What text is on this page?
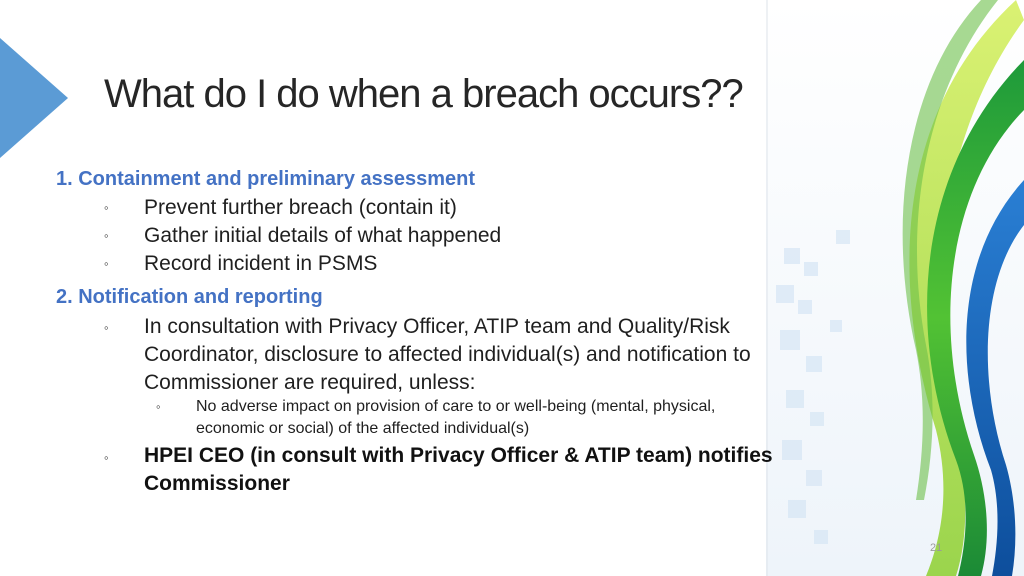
What do I do when a breach occurs??
1. Containment and preliminary assessment
◦ Prevent further breach (contain it)
◦ Gather initial details of what happened
◦ Record incident in PSMS
2. Notification and reporting
◦ In consultation with Privacy Officer, ATIP team and Quality/Risk
Coordinator, disclosure to affected individual(s) and notification to
Commissioner are required, unless:
◦ No adverse impact on provision of care to or well-being (mental, physical,
economic or social) of the affected individual(s)
◦ HPEI CEO (in consult with Privacy Officer & ATIP team) notifies
Commissioner
21
